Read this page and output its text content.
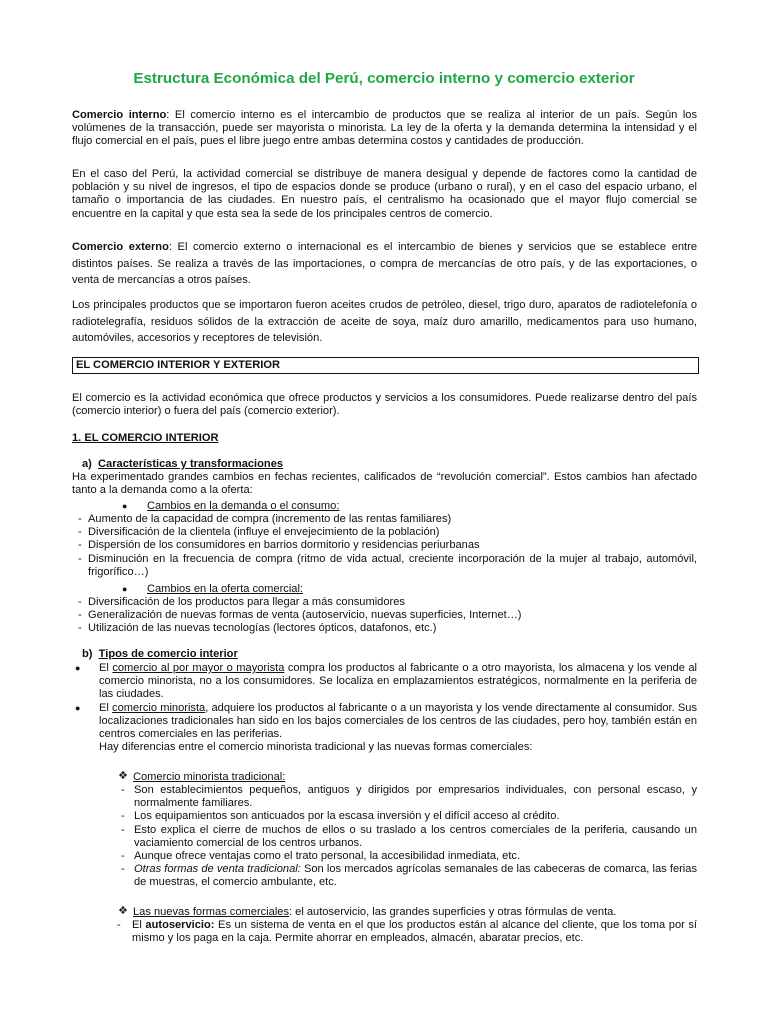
Estructura Económica del Perú, comercio interno y comercio exterior

Comercio interno: El comercio interno es el intercambio de productos que se realiza al interior de un país. Según los volúmenes de la transacción, puede ser mayorista o minorista. La ley de la oferta y la demanda determina la intensidad y el flujo comercial en el país, pues el libre juego entre ambas determina costos y cantidades de producción.

En el caso del Perú, la actividad comercial se distribuye de manera desigual y depende de factores como la cantidad de población y su nivel de ingresos, el tipo de espacios donde se produce (urbano o rural), y en el caso del espacio urbano, el tamaño o importancia de las ciudades. En nuestro país, el centralismo ha ocasionado que el mayor flujo comercial se encuentre en la capital y que esta sea la sede de los principales centros de comercio.

Comercio externo: El comercio externo o internacional es el intercambio de bienes y servicios que se establece entre distintos países. Se realiza a través de las importaciones, o compra de mercancías de otro país, y de las exportaciones, o venta de mercancías a otros países.

Los principales productos que se importaron fueron aceites crudos de petróleo, diesel, trigo duro, aparatos de radiotelefonía o radiotelegrafía, residuos sólidos de la extracción de aceite de soya, maíz duro amarillo, medicamentos para uso humano, automóviles, accesorios y receptores de televisión.

EL COMERCIO INTERIOR Y EXTERIOR

El comercio es la actividad económica que ofrece productos y servicios a los consumidores. Puede realizarse dentro del país (comercio interior) o fuera del país (comercio exterior).

1. EL COMERCIO INTERIOR
a) Características y transformaciones

Ha experimentado grandes cambios en fechas recientes, calificados de “revolución comercial”. Estos cambios han afectado tanto a la demanda como a la oferta:

● Cambios en la demanda o el consumo:
- Aumento de la capacidad de compra (incremento de las rentas familiares)
- Diversificación de la clientela (influye el envejecimiento de la población)
- Dispersión de los consumidores en barrios dormitorio y residencias periurbanas
- Disminución en la frecuencia de compra (ritmo de vida actual, creciente incorporación de la mujer al trabajo, automóvil, frigorífico…)
● Cambios en la oferta comercial:
- Diversificación de los productos para llegar a más consumidores
- Generalización de nuevas formas de venta (autoservicio, nuevas superficies, Internet…)
- Utilización de las nuevas tecnologías (lectores ópticos, datafonos, etc.)
b) Tipos de comercio interior
● El comercio al por mayor o mayorista compra los productos al fabricante o a otro mayorista, los almacena y los vende al comercio minorista, no a los consumidores. Se localiza en emplazamientos estratégicos, normalmente en la periferia de las ciudades.
● El comercio minorista, adquiere los productos al fabricante o a un mayorista y los vende directamente al consumidor. Sus localizaciones tradicionales han sido en los bajos comerciales de los centros de las ciudades, pero hoy, también están en centros comerciales en las periferias.
Hay diferencias entre el comercio minorista tradicional y las nuevas formas comerciales:
❖ Comercio minorista tradicional:
- Son establecimientos pequeños, antiguos y dirigidos por empresarios individuales, con personal escaso, y normalmente familiares.
- Los equipamientos son anticuados por la escasa inversión y el difícil acceso al crédito.
- Esto explica el cierre de muchos de ellos o su traslado a los centros comerciales de la periferia, causando un vaciamiento comercial de los centros urbanos.
- Aunque ofrece ventajas como el trato personal, la accesibilidad inmediata, etc.
- Otras formas de venta tradicional: Son los mercados agrícolas semanales de las cabeceras de comarca, las ferias de muestras, el comercio ambulante, etc.
❖ Las nuevas formas comerciales: el autoservicio, las grandes superficies y otras fórmulas de venta.
- El autoservicio: Es un sistema de venta en el que los productos están al alcance del cliente, que los toma por sí mismo y los paga en la caja. Permite ahorrar en empleados, almacén, abaratar precios, etc.
